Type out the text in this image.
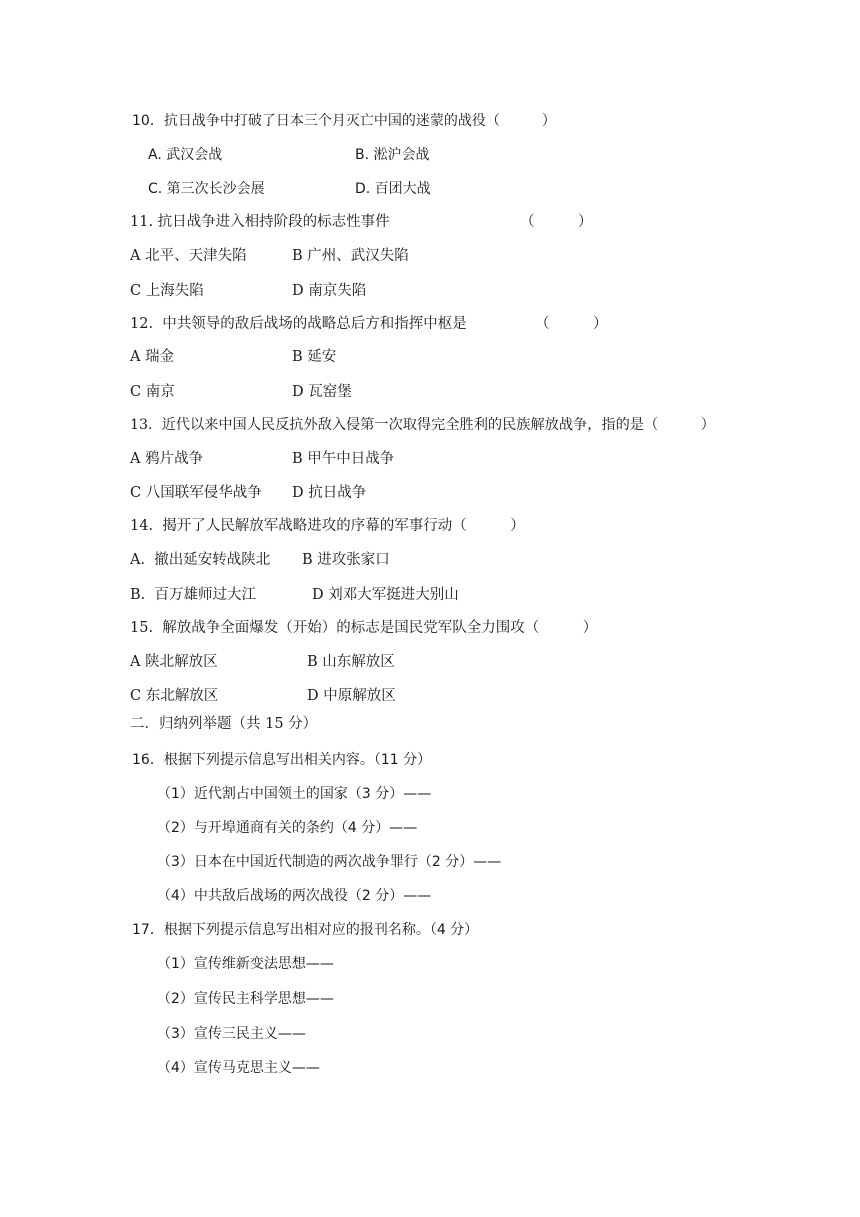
10．抗日战争中打破了日本三个月灭亡中国的迷蒙的战役（　　　）
A. 武汉会战	B. 淞沪会战
C. 第三次长沙会展	D. 百团大战
11. 抗日战争进入相持阶段的标志性事件	（　　　）
A 北平、天津失陷	B 广州、武汉失陷
C 上海失陷	D 南京失陷
12.  中共领导的敌后战场的战略总后方和指挥中枢是	（　　　）
A 瑞金	B 延安
C 南京	D 瓦窑堡
13.  近代以来中国人民反抗外敌入侵第一次取得完全胜利的民族解放战争，指的是（　　　）
A 鸦片战争	B 甲午中日战争
C 八国联军侵华战争 D 抗日战争
14.  揭开了人民解放军战略进攻的序幕的军事行动（　　　）
A.  撤出延安转战陕北 B 进攻张家口
B.  百万雄师过大江	D 刘邓大军挺进大别山
15.  解放战争全面爆发（开始）的标志是国民党军队全力围攻（　　　）
A 陕北解放区	B 山东解放区
C 东北解放区	D 中原解放区
二．归纳列举题（共 15 分）
16．根据下列提示信息写出相关内容。（11 分）
（1）近代割占中国领土的国家（3 分）——
（2）与开埠通商有关的条约（4 分）——
（3）日本在中国近代制造的两次战争罪行（2 分）——
（4）中共敌后战场的两次战役（2 分）——
17．根据下列提示信息写出相对应的报刊名称。（4 分）
（1）宣传维新变法思想——
（2）宣传民主科学思想——
（3）宣传三民主义——
（4）宣传马克思主义——
